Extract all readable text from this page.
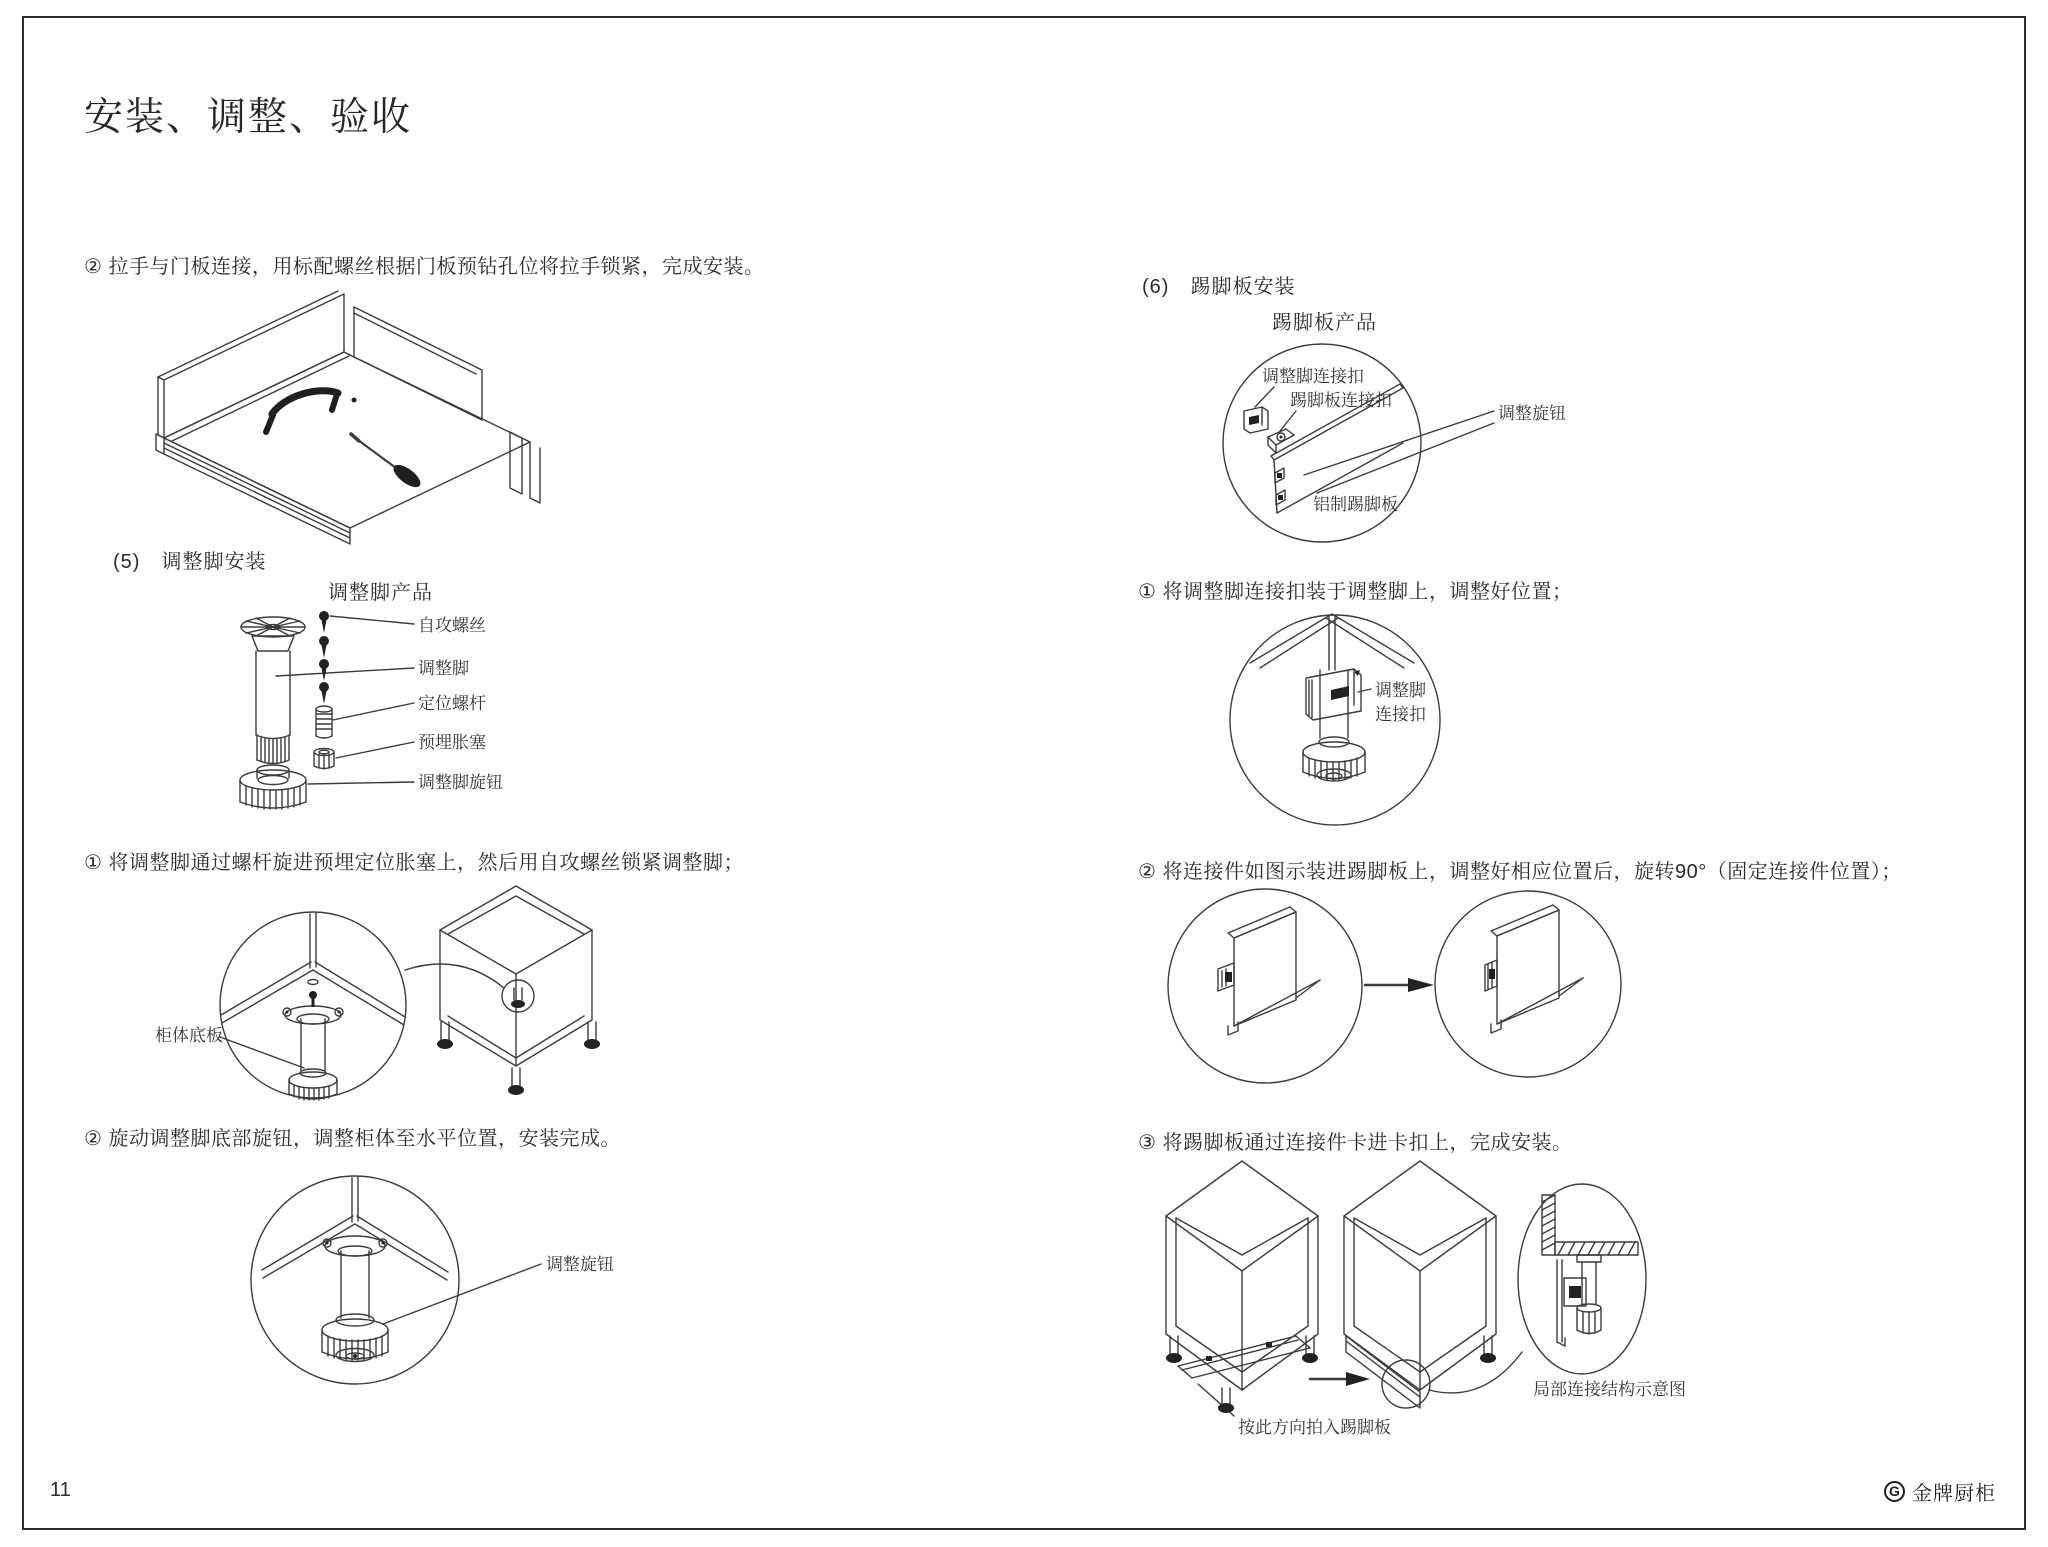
安装、调整、验收
② 拉手与门板连接，用标配螺丝根据门板预钻孔位将拉手锁紧，完成安装。
(5)　调整脚安装
调整脚产品
自攻螺丝
调整脚
定位螺杆
预埋胀塞
调整脚旋钮
① 将调整脚通过螺杆旋进预埋定位胀塞上，然后用自攻螺丝锁紧调整脚；
柜体底板
② 旋动调整脚底部旋钮，调整柜体至水平位置，安装完成。
调整旋钮
(6)　踢脚板安装
踢脚板产品
调整脚连接扣
踢脚板连接扣
调整旋钮
铝制踢脚板
① 将调整脚连接扣装于调整脚上，调整好位置；
调整脚
连接扣
② 将连接件如图示装进踢脚板上，调整好相应位置后，旋转90°（固定连接件位置）；
③ 将踢脚板通过连接件卡进卡扣上，完成安装。
按此方向拍入踢脚板
局部连接结构示意图
11	G 金牌厨柜
